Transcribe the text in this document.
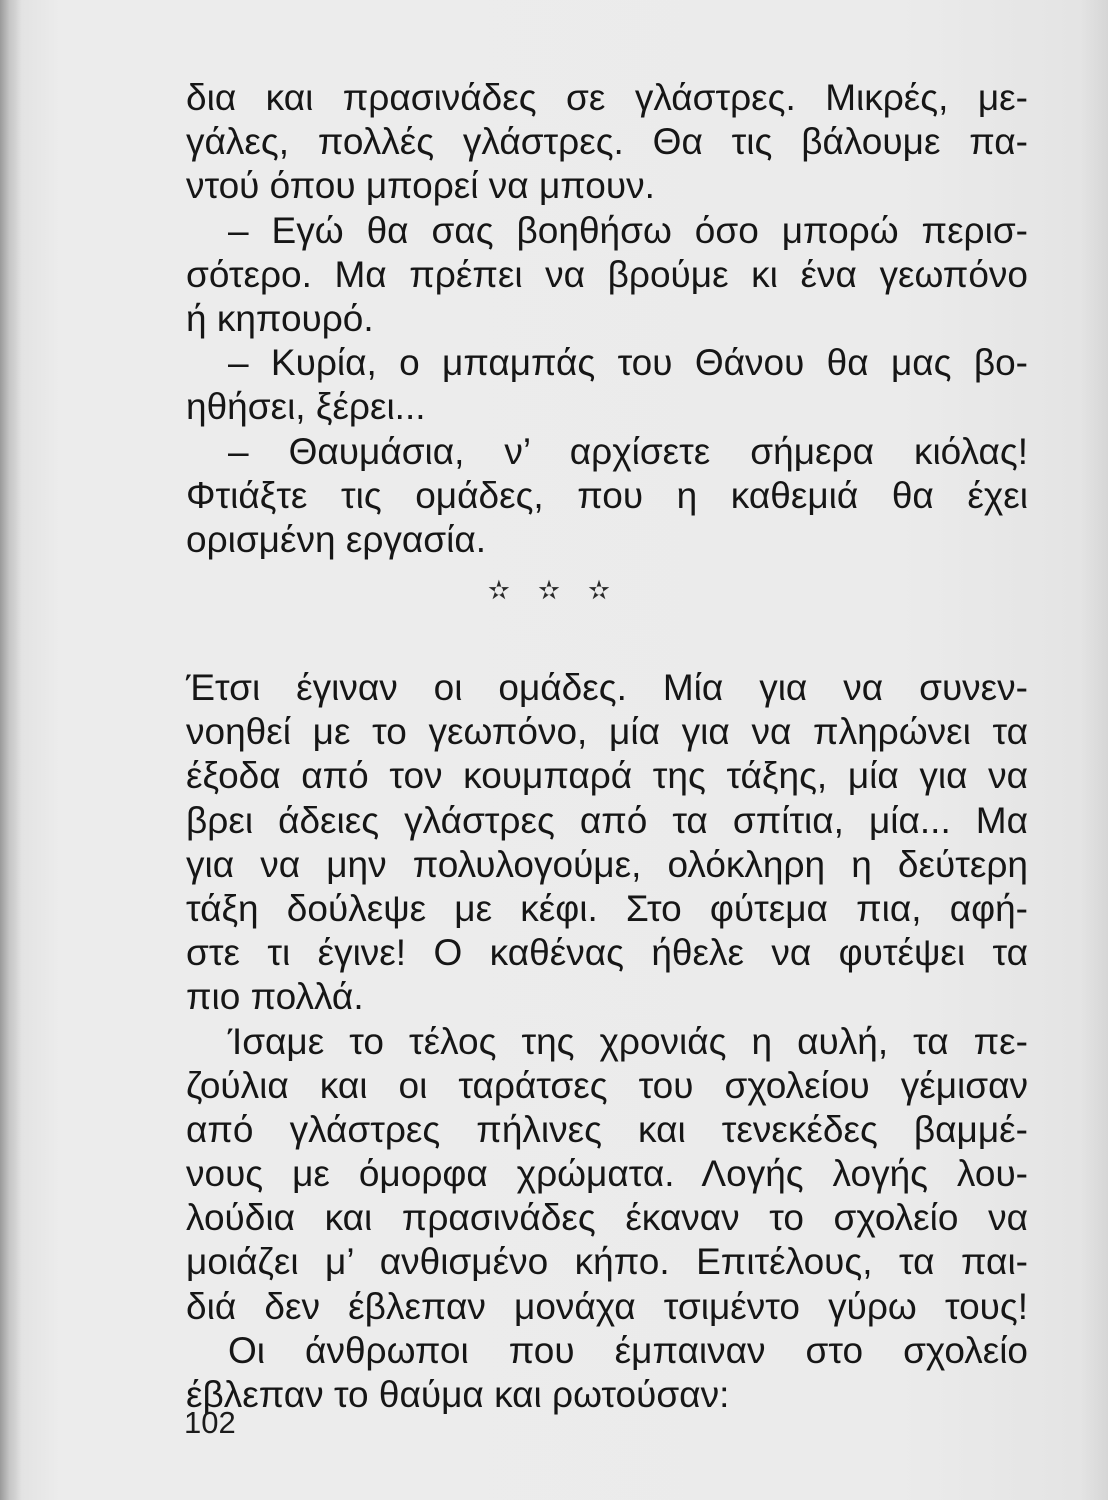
δια και πρασινάδες σε γλάστρες. Μικρές, με-
γάλες, πολλές γλάστρες. Θα τις βάλουμε πα-
ντού όπου μπορεί να μπουν.
– Εγώ θα σας βοηθήσω όσο μπορώ περισ-
σότερο. Μα πρέπει να βρούμε κι ένα γεωπόνο
ή κηπουρό.
– Κυρία, ο μπαμπάς του Θάνου θα μας βο-
ηθήσει, ξέρει...
– Θαυμάσια, ν’ αρχίσετε σήμερα κιόλας!
Φτιάξτε τις ομάδες, που η καθεμιά θα έχει
ορισμένη εργασία.
✫ ✫ ✫
Έτσι έγιναν οι ομάδες. Μία για να συνεν-
νοηθεί με το γεωπόνο, μία για να πληρώνει τα
έξοδα από τον κουμπαρά της τάξης, μία για να
βρει άδειες γλάστρες από τα σπίτια, μία... Μα
για να μην πολυλογούμε, ολόκληρη η δεύτερη
τάξη δούλεψε με κέφι. Στο φύτεμα πια, αφή-
στε τι έγινε! Ο καθένας ήθελε να φυτέψει τα
πιο πολλά.
Ίσαμε το τέλος της χρονιάς η αυλή, τα πε-
ζούλια και οι ταράτσες του σχολείου γέμισαν
από γλάστρες πήλινες και τενεκέδες βαμμέ-
νους με όμορφα χρώματα. Λογής λογής λου-
λούδια και πρασινάδες έκαναν το σχολείο να
μοιάζει μ’ ανθισμένο κήπο. Επιτέλους, τα παι-
διά δεν έβλεπαν μονάχα τσιμέντο γύρω τους!
Οι άνθρωποι που έμπαιναν στο σχολείο
έβλεπαν το θαύμα και ρωτούσαν:
102
